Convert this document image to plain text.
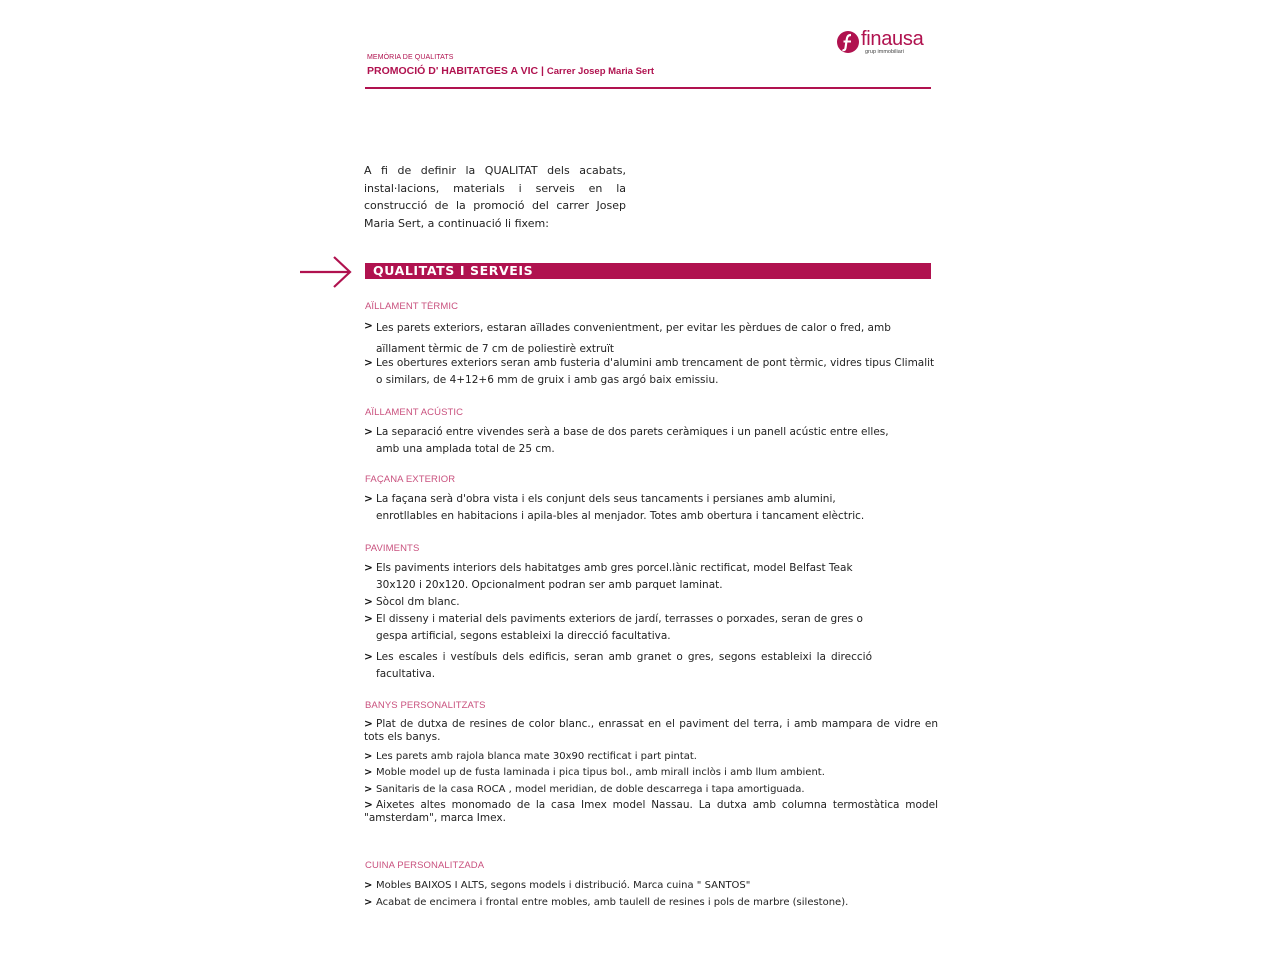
MEMÒRIA DE QUALITATS
PROMOCIÓ D' HABITATGES A VIC | Carrer Josep Maria Sert
finausa
grup immobiliari
A fi de definir la QUALITAT dels acabats, instal·lacions, materials i serveis en la construcció de la promoció del carrer Josep Maria Sert, a continuació li fixem:
QUALITATS I SERVEIS
AÏLLAMENT TÈRMIC
> Les parets exteriors, estaran aïllades convenientment, per evitar les pèrdues de calor o fred, amb aïllament tèrmic de 7 cm de poliestirè extruït
> Les obertures exteriors seran amb fusteria d'alumini amb trencament de pont tèrmic, vidres tipus Climalit o similars, de 4+12+6 mm de gruix i amb gas argó baix emissiu.
AÏLLAMENT ACÚSTIC
> La separació entre vivendes serà a base de dos parets ceràmiques i un panell acústic entre elles, amb una amplada total de 25 cm.
FAÇANA EXTERIOR
> La façana serà d'obra vista i els conjunt dels seus tancaments i persianes amb alumini, enrotllables en habitacions i apila-bles al menjador. Totes amb obertura i tancament elèctric.
PAVIMENTS
> Els paviments interiors dels habitatges amb gres porcel.lànic rectificat, model Belfast Teak 30x120 i 20x120. Opcionalment podran ser amb parquet laminat.
> Sòcol dm blanc.
> El disseny i material dels paviments exteriors de jardí, terrasses o porxades, seran de gres o gespa artificial, segons estableixi la direcció facultativa.
> Les escales i vestíbuls dels edificis, seran amb granet o gres, segons estableixi la direcció facultativa.
BANYS PERSONALITZATS
> Plat de dutxa de resines de color blanc., enrassat en el paviment del terra, i amb mampara de vidre en tots els banys.
> Les parets amb rajola blanca mate 30x90 rectificat i part pintat.
> Moble model up de fusta laminada i pica tipus bol., amb mirall inclòs i amb llum ambient.
> Sanitaris de la casa ROCA , model meridian, de doble descarrega i tapa amortiguada.
> Aixetes altes monomado de la casa Imex model Nassau. La dutxa amb columna termostàtica model "amsterdam", marca Imex.
CUINA PERSONALITZADA
> Mobles BAIXOS I ALTS, segons models i distribució. Marca cuina " SANTOS"
> Acabat de encimera i frontal entre mobles, amb taulell de resines i pols de marbre (silestone).
